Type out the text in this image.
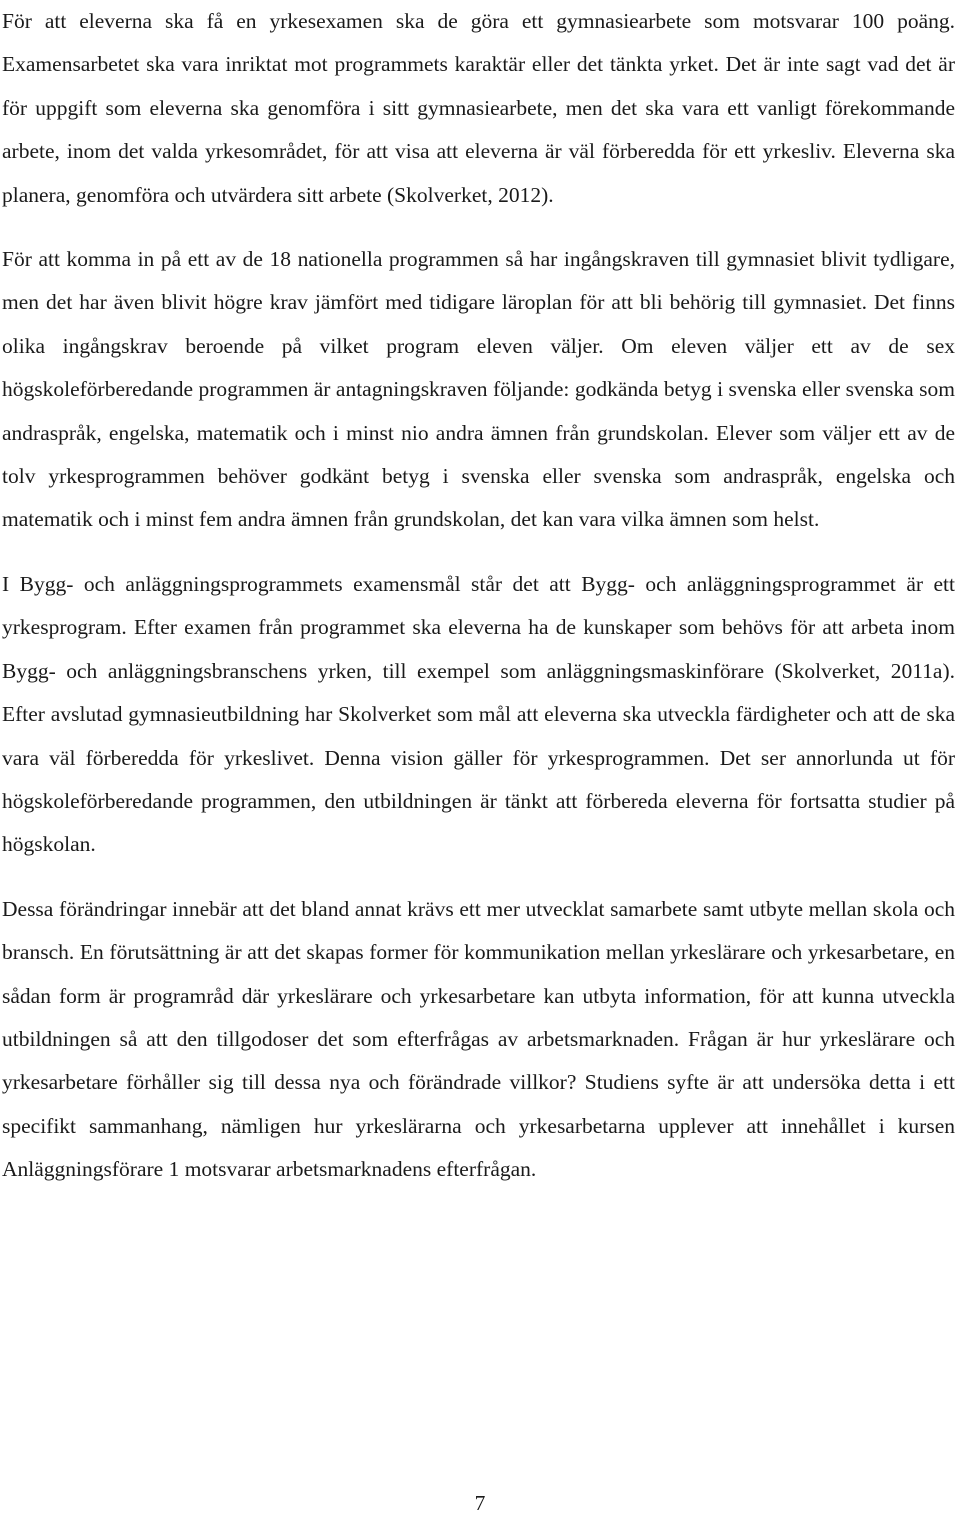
För att eleverna ska få en yrkesexamen ska de göra ett gymnasiearbete som motsvarar 100 poäng. Examensarbetet ska vara inriktat mot programmets karaktär eller det tänkta yrket. Det är inte sagt vad det är för uppgift som eleverna ska genomföra i sitt gymnasiearbete, men det ska vara ett vanligt förekommande arbete, inom det valda yrkesområdet, för att visa att eleverna är väl förberedda för ett yrkesliv. Eleverna ska planera, genomföra och utvärdera sitt arbete (Skolverket, 2012).

För att komma in på ett av de 18 nationella programmen så har ingångskraven till gymnasiet blivit tydligare, men det har även blivit högre krav jämfört med tidigare läroplan för att bli behörig till gymnasiet. Det finns olika ingångskrav beroende på vilket program eleven väljer. Om eleven väljer ett av de sex högskoleförberedande programmen är antagningskraven följande: godkända betyg i svenska eller svenska som andraspråk, engelska, matematik och i minst nio andra ämnen från grundskolan. Elever som väljer ett av de tolv yrkesprogrammen behöver godkänt betyg i svenska eller svenska som andraspråk, engelska och matematik och i minst fem andra ämnen från grundskolan, det kan vara vilka ämnen som helst.

I Bygg- och anläggningsprogrammets examensmål står det att Bygg- och anläggningsprogrammet är ett yrkesprogram. Efter examen från programmet ska eleverna ha de kunskaper som behövs för att arbeta inom Bygg- och anläggningsbranschens yrken, till exempel som anläggningsmaskinförare (Skolverket, 2011a). Efter avslutad gymnasieutbildning har Skolverket som mål att eleverna ska utveckla färdigheter och att de ska vara väl förberedda för yrkeslivet. Denna vision gäller för yrkesprogrammen. Det ser annorlunda ut för högskoleförberedande programmen, den utbildningen är tänkt att förbereda eleverna för fortsatta studier på högskolan.

Dessa förändringar innebär att det bland annat krävs ett mer utvecklat samarbete samt utbyte mellan skola och bransch. En förutsättning är att det skapas former för kommunikation mellan yrkeslärare och yrkesarbetare, en sådan form är programråd där yrkeslärare och yrkesarbetare kan utbyta information, för att kunna utveckla utbildningen så att den tillgodoser det som efterfrågas av arbetsmarknaden. Frågan är hur yrkeslärare och yrkesarbetare förhåller sig till dessa nya och förändrade villkor? Studiens syfte är att undersöka detta i ett specifikt sammanhang, nämligen hur yrkeslärarna och yrkesarbetarna upplever att innehållet i kursen Anläggningsförare 1 motsvarar arbetsmarknadens efterfrågan.

7
